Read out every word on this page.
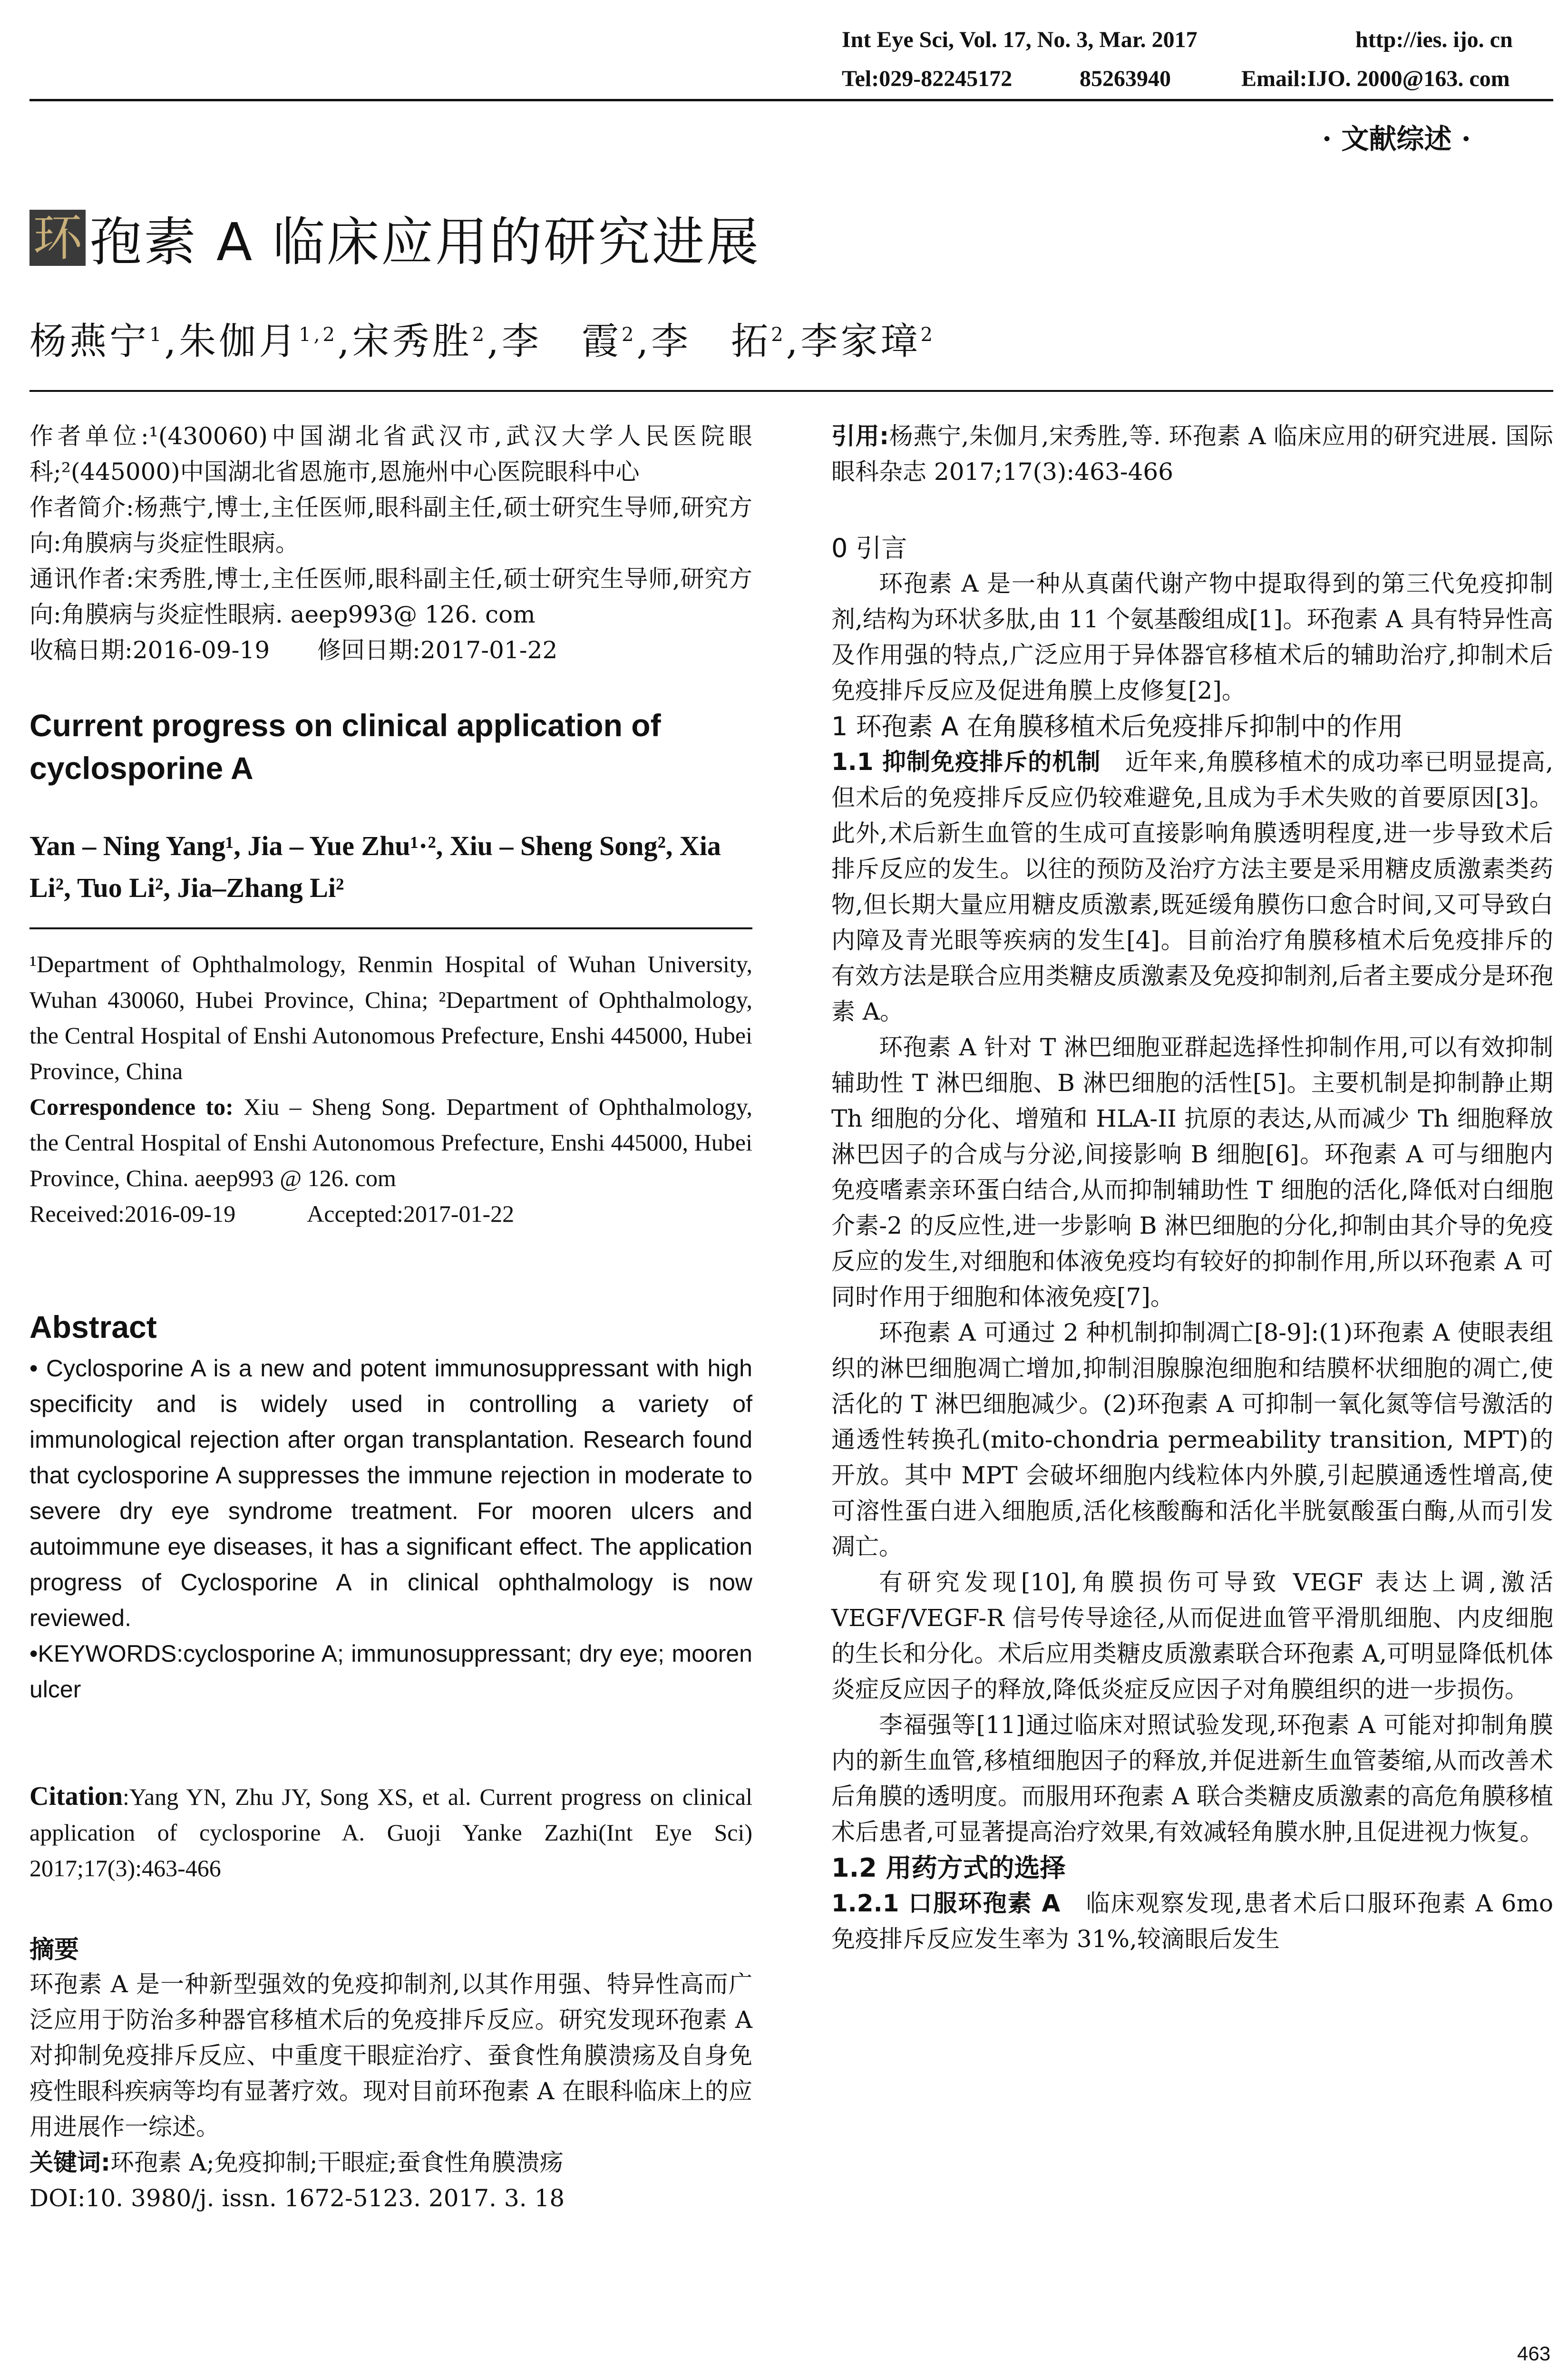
Int Eye Sci, Vol. 17, No. 3, Mar. 2017	http://ies. ijo. cn
Tel:029-82245172	85263940	Email:IJO. 2000@163. com
· 文献综述 ·
环 孢素 A 临床应用的研究进展
杨燕宁$^1$,朱伽月$^{1,2}$,宋秀胜$^2$,李　霞$^2$,李　拓$^2$,李家璋$^2$

作者单位:¹(430060)中国湖北省武汉市,武汉大学人民医院眼科;²(445000)中国湖北省恩施市,恩施州中心医院眼科中心

作者简介:杨燕宁,博士,主任医师,眼科副主任,硕士研究生导师,研究方向:角膜病与炎症性眼病。

通讯作者:宋秀胜,博士,主任医师,眼科副主任,硕士研究生导师,研究方向:角膜病与炎症性眼病. aeep993@ 126. com

收稿日期:2016-09-19　　修回日期:2017-01-22

Current progress on clinical application of cyclosporine A
Yan – Ning Yang¹, Jia – Yue Zhu¹·², Xiu – Sheng Song², Xia Li², Tuo Li², Jia–Zhang Li²

¹Department of Ophthalmology, Renmin Hospital of Wuhan University, Wuhan 430060, Hubei Province, China; ²Department of Ophthalmology, the Central Hospital of Enshi Autonomous Prefecture, Enshi 445000, Hubei Province, China

Correspondence to: Xiu – Sheng Song. Department of Ophthalmology, the Central Hospital of Enshi Autonomous Prefecture, Enshi 445000, Hubei Province, China. aeep993 @ 126. com

Received:2016-09-19　　　Accepted:2017-01-22

Abstract

• Cyclosporine A is a new and potent immunosuppressant with high specificity and is widely used in controlling a variety of immunological rejection after organ transplantation. Research found that cyclosporine A suppresses the immune rejection in moderate to severe dry eye syndrome treatment. For mooren ulcers and autoimmune eye diseases, it has a significant effect. The application progress of Cyclosporine A in clinical ophthalmology is now reviewed.

•KEYWORDS:cyclosporine A; immunosuppressant; dry eye; mooren ulcer

Citation:Yang YN, Zhu JY, Song XS, et al. Current progress on clinical application of cyclosporine A. Guoji Yanke Zazhi(Int Eye Sci) 2017;17(3):463-466
摘要

环孢素 A 是一种新型强效的免疫抑制剂,以其作用强、特异性高而广泛应用于防治多种器官移植术后的免疫排斥反应。研究发现环孢素 A 对抑制免疫排斥反应、中重度干眼症治疗、蚕食性角膜溃疡及自身免疫性眼科疾病等均有显著疗效。现对目前环孢素 A 在眼科临床上的应用进展作一综述。

关键词:环孢素 A;免疫抑制;干眼症;蚕食性角膜溃疡

DOI:10. 3980/j. issn. 1672-5123. 2017. 3. 18

引用:杨燕宁,朱伽月,宋秀胜,等. 环孢素 A 临床应用的研究进展. 国际眼科杂志 2017;17(3):463-466
0 引言

环孢素 A 是一种从真菌代谢产物中提取得到的第三代免疫抑制剂,结构为环状多肽,由 11 个氨基酸组成[1]。环孢素 A 具有特异性高及作用强的特点,广泛应用于异体器官移植术后的辅助治疗,抑制术后免疫排斥反应及促进角膜上皮修复[2]。

1 环孢素 A 在角膜移植术后免疫排斥抑制中的作用

1.1 抑制免疫排斥的机制　 近年来,角膜移植术的成功率已明显提高,但术后的免疫排斥反应仍较难避免,且成为手术失败的首要原因[3]。此外,术后新生血管的生成可直接影响角膜透明程度,进一步导致术后排斥反应的发生。以往的预防及治疗方法主要是采用糖皮质激素类药物,但长期大量应用糖皮质激素,既延缓角膜伤口愈合时间,又可导致白内障及青光眼等疾病的发生[4]。目前治疗角膜移植术后免疫排斥的有效方法是联合应用类糖皮质激素及免疫抑制剂,后者主要成分是环孢素 A。

环孢素 A 针对 T 淋巴细胞亚群起选择性抑制作用,可以有效抑制辅助性 T 淋巴细胞、B 淋巴细胞的活性[5]。主要机制是抑制静止期 Th 细胞的分化、增殖和 HLA-II 抗原的表达,从而减少 Th 细胞释放淋巴因子的合成与分泌,间接影响 B 细胞[6]。环孢素 A 可与细胞内免疫嗜素亲环蛋白结合,从而抑制辅助性 T 细胞的活化,降低对白细胞介素-2 的反应性,进一步影响 B 淋巴细胞的分化,抑制由其介导的免疫反应的发生,对细胞和体液免疫均有较好的抑制作用,所以环孢素 A 可同时作用于细胞和体液免疫[7]。

环孢素 A 可通过 2 种机制抑制凋亡[8-9]:(1)环孢素 A 使眼表组织的淋巴细胞凋亡增加,抑制泪腺腺泡细胞和结膜杯状细胞的凋亡,使活化的 T 淋巴细胞减少。(2)环孢素 A 可抑制一氧化氮等信号激活的通透性转换孔(mito-chondria permeability transition, MPT)的开放。其中 MPT 会破坏细胞内线粒体内外膜,引起膜通透性增高,使可溶性蛋白进入细胞质,活化核酸酶和活化半胱氨酸蛋白酶,从而引发凋亡。

有研究发现[10],角膜损伤可导致 VEGF 表达上调,激活 VEGF/VEGF-R 信号传导途径,从而促进血管平滑肌细胞、内皮细胞的生长和分化。术后应用类糖皮质激素联合环孢素 A,可明显降低机体炎症反应因子的释放,降低炎症反应因子对角膜组织的进一步损伤。

李福强等[11]通过临床对照试验发现,环孢素 A 可能对抑制角膜内的新生血管,移植细胞因子的释放,并促进新生血管萎缩,从而改善术后角膜的透明度。而服用环孢素 A 联合类糖皮质激素的高危角膜移植术后患者,可显著提高治疗效果,有效减轻角膜水肿,且促进视力恢复。

1.2 用药方式的选择

1.2.1 口服环孢素 A　 临床观察发现,患者术后口服环孢素 A 6mo 免疫排斥反应发生率为 31%,较滴眼后发生

463
